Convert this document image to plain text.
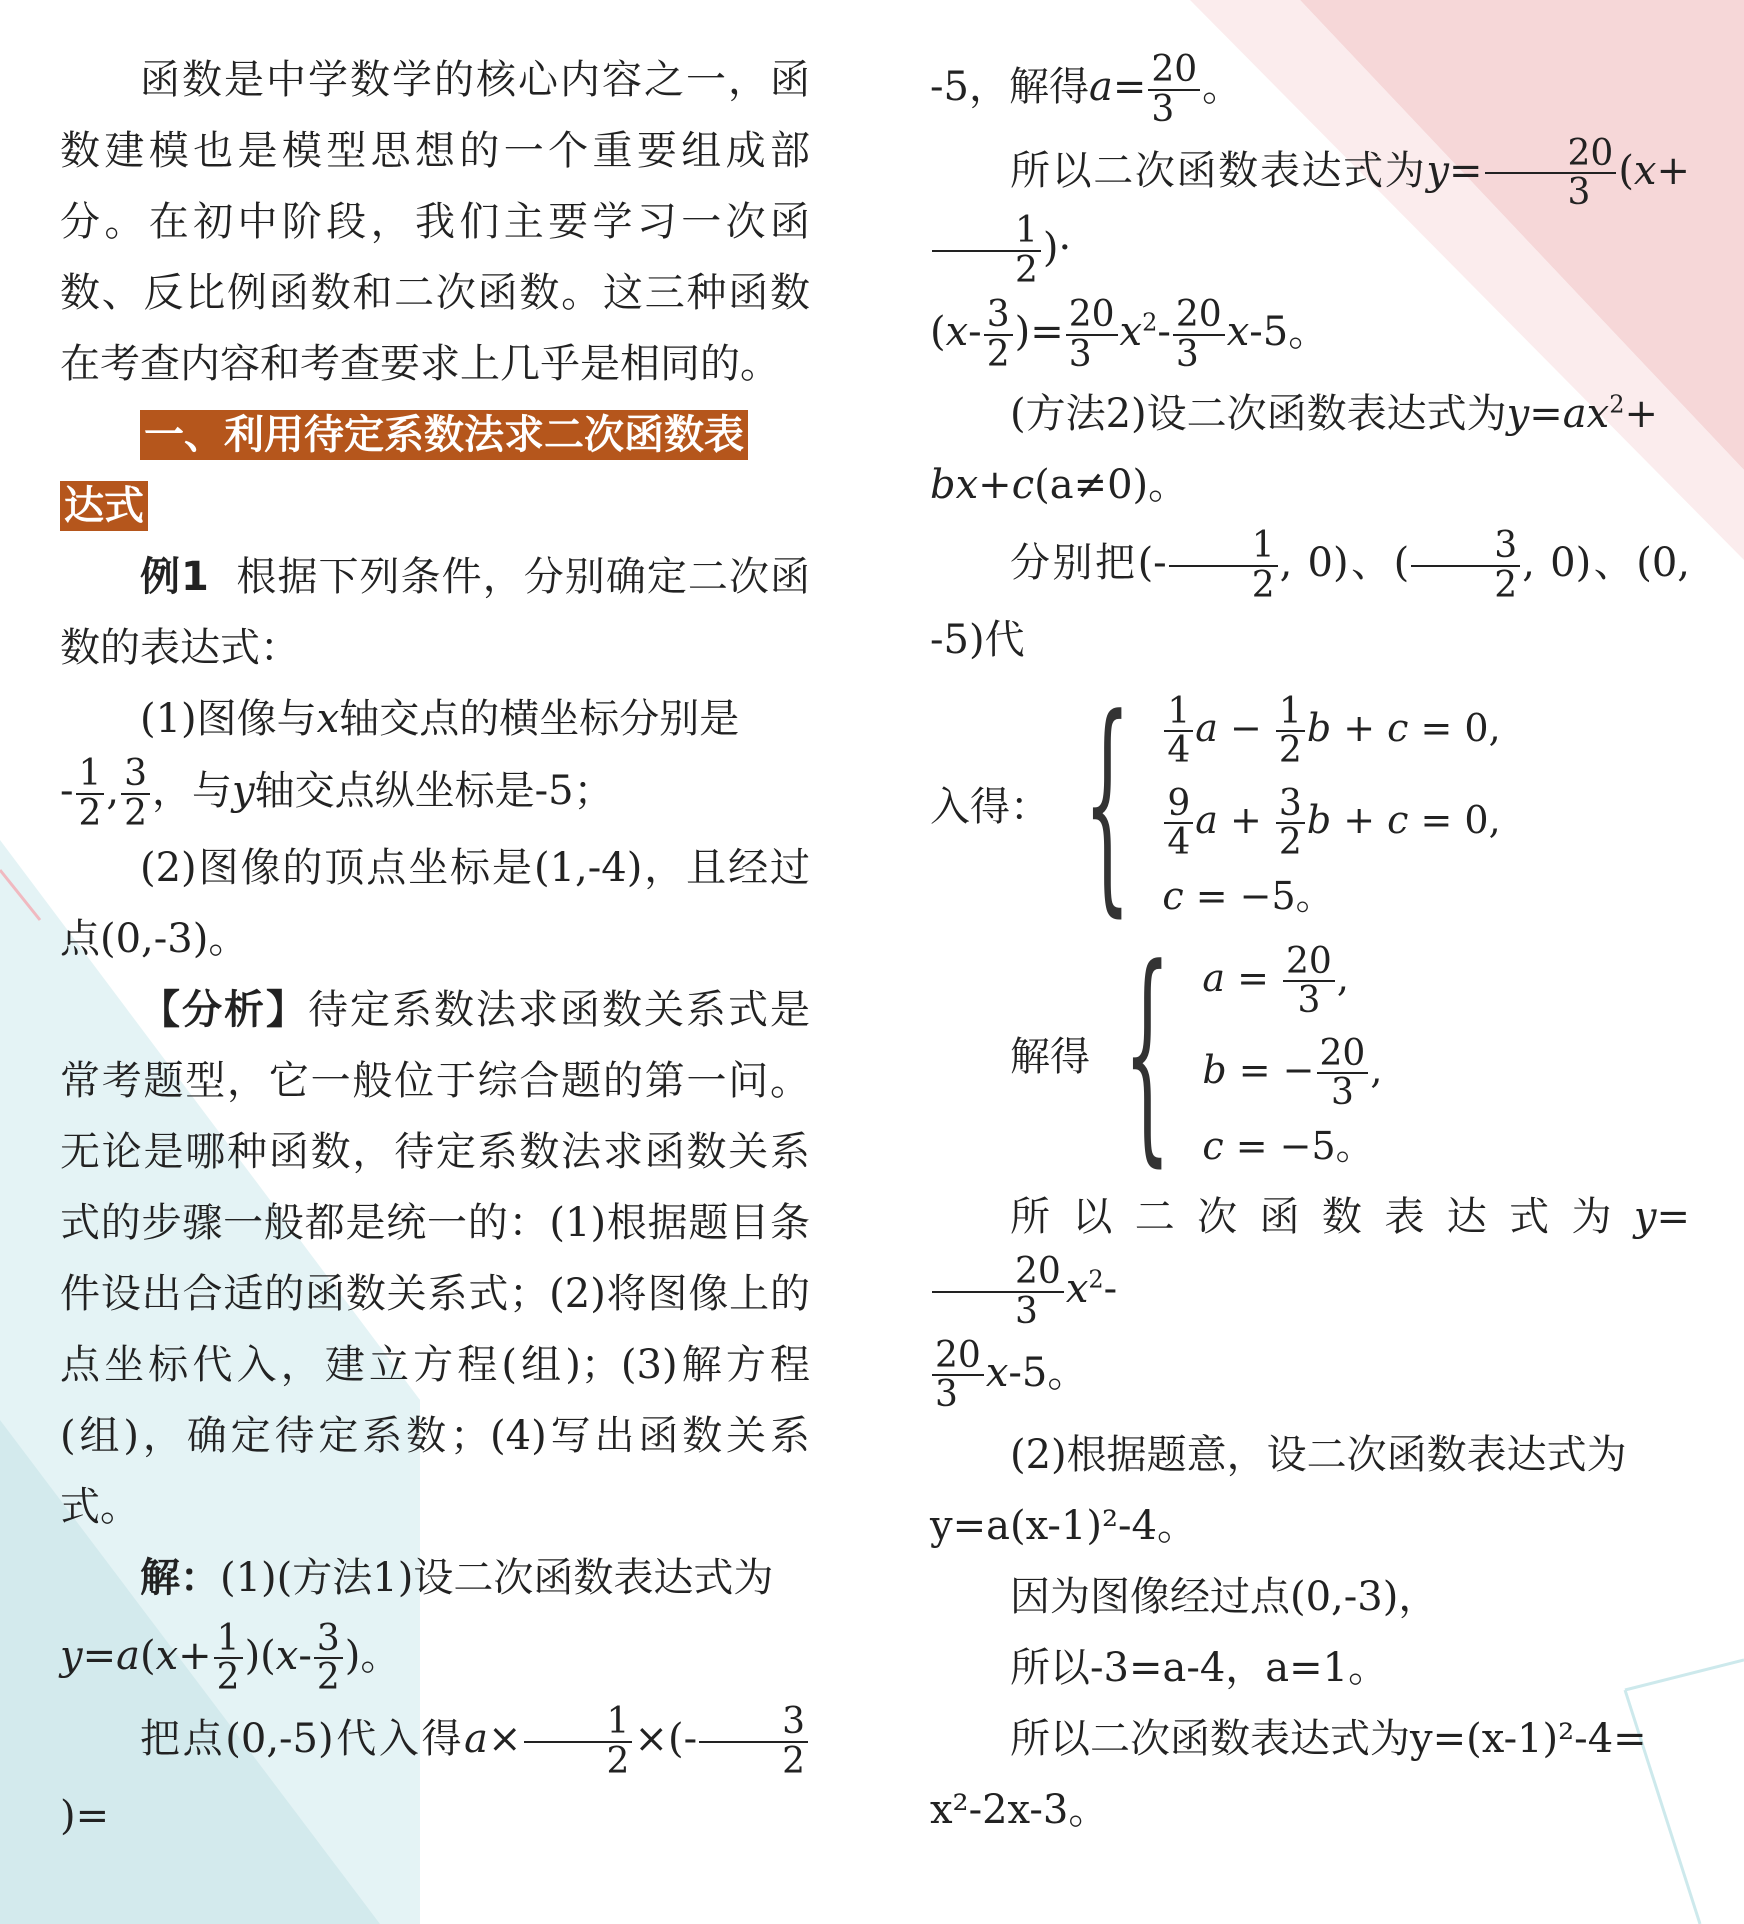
函数是中学数学的核心内容之一，函数建模也是模型思想的一个重要组成部分。在初中阶段，我们主要学习一次函数、反比例函数和二次函数。这三种函数在考查内容和考查要求上几乎是相同的。

一、利用待定系数法求二次函数表
达式

例1 根据下列条件，分别确定二次函数的表达式：

(1)图像与x轴交点的横坐标分别是

- $\frac{1}{2}$ , $\frac{3}{2}$ ，与y轴交点纵坐标是-5；

(2)图像的顶点坐标是(1,-4)，且经过点(0,-3)。

【分析】待定系数法求函数关系式是常考题型，它一般位于综合题的第一问。无论是哪种函数，待定系数法求函数关系式的步骤一般都是统一的：(1)根据题目条件设出合适的函数关系式；(2)将图像上的点坐标代入，建立方程(组)；(3)解方程(组)，确定待定系数；(4)写出函数关系式。

解：(1)(方法1)设二次函数表达式为

$y=a(x+ \frac{1}{2} )(x- \frac{3}{2}$ )。

把点(0,-5)代入得$a\times \frac{1}{2}$ ×(- $\frac{3}{2}$
)=

-5，解得$a= \frac{20}{3}$ 。

所以二次函数表达式为$y= \frac{20}{3} (x+$
$\frac{1}{2}$ )·

($x- \frac{3}{2}$ )= $\frac{20}{3} x^2- \frac{20}{3} x-5$。

(方法2)设二次函数表达式为$y=ax^2+$

bx+c(a≠0)。

分别把(- $\frac{1}{2}$ , 0)、( $\frac{3}{2}$ , 0)、(0, -5)代

入得： { $\frac{1}{4}$ $a - \frac{1}{2}$ b + c = 0,
$\frac{9}{4}$ $a + \frac{3}{2}$ b + c = 0,
c = −5。
解得 { $a = \frac{20}{3}$ ,
b = − $\frac{20}{3}$ ,
c = −5。

所以二次函数表达式为y=
$\frac{20}{3} x^2-$

$\frac{20}{3} x-5$。

(2)根据题意，设二次函数表达式为

y=a(x-1)²-4。

因为图像经过点(0,-3)，

所以-3=a-4，a=1。

所以二次函数表达式为y=(x-1)²-4=

x²-2x-3。
